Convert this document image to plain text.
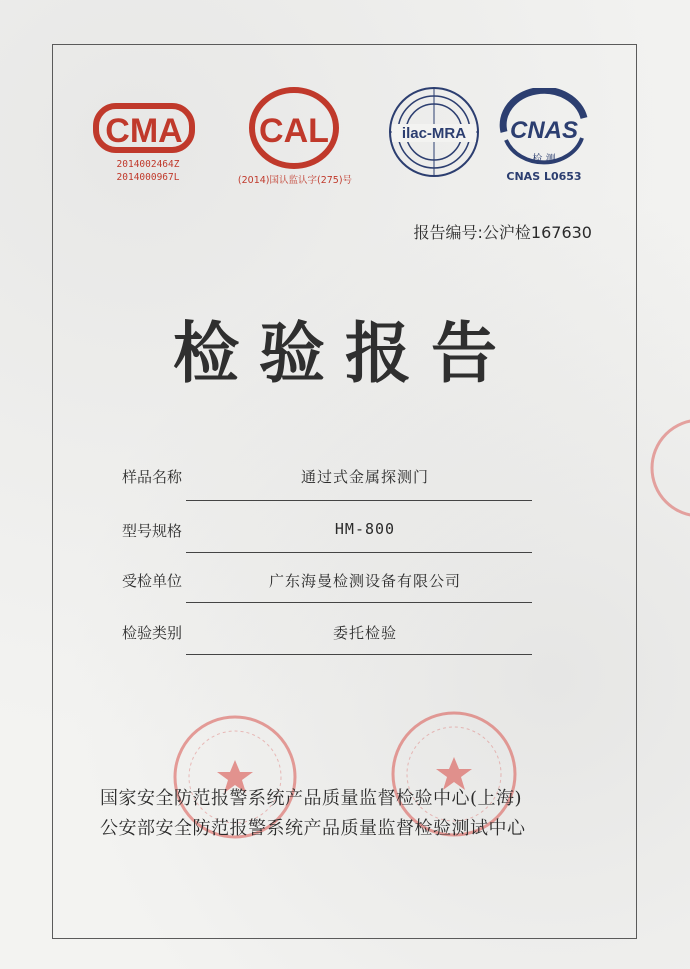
CMA
2014002464Z
2014000967L
CAL
(2014)国认监认字(275)号
ilac-MRA CNAS
检 测
CNAS L0653
报告编号:公沪检167630
检验报告
样品名称	通过式金属探测门
型号规格	HM-800
受检单位	广东海曼检测设备有限公司
检验类别	委托检验
国家安全防范报警系统产品质量监督检验中心(上海)
公安部安全防范报警系统产品质量监督检验测试中心
